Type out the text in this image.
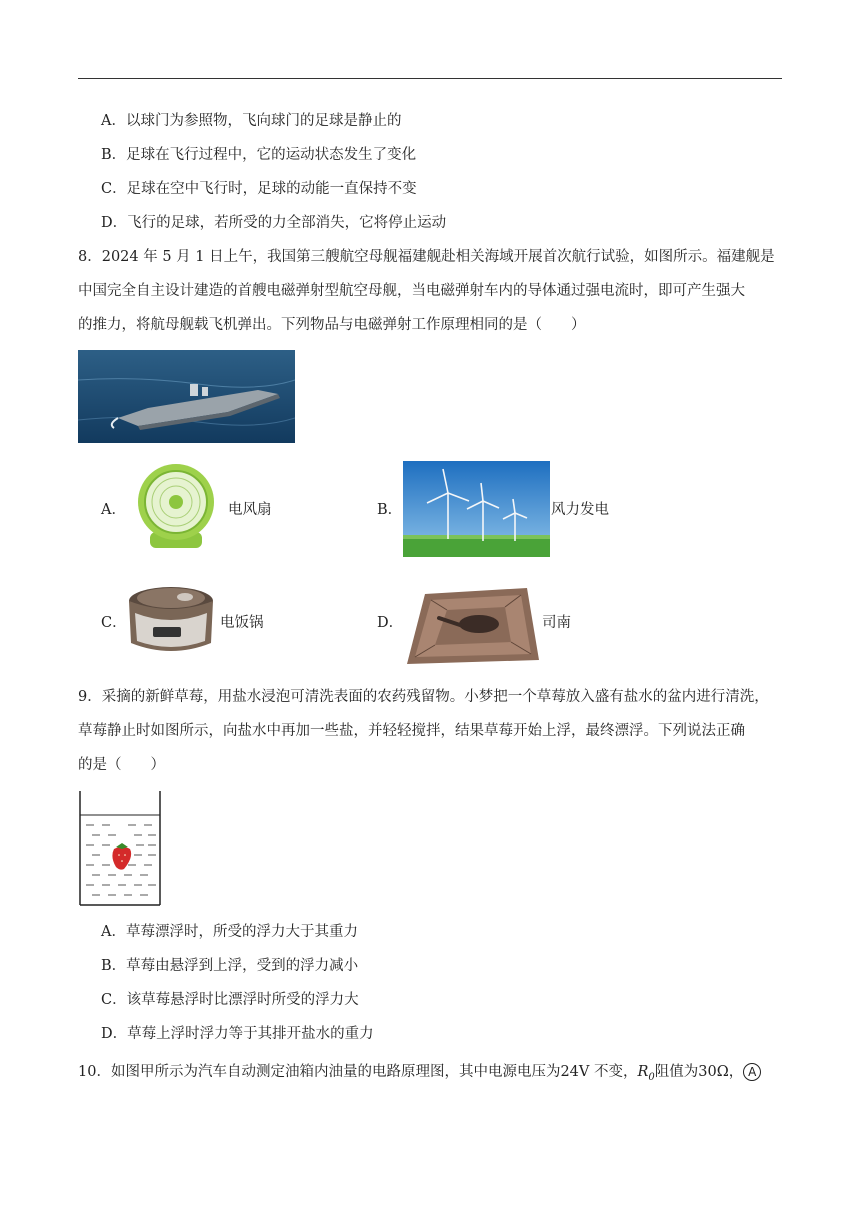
A．以球门为参照物，飞向球门的足球是静止的
B．足球在飞行过程中，它的运动状态发生了变化
C．足球在空中飞行时，足球的动能一直保持不变
D．飞行的足球，若所受的力全部消失，它将停止运动
8．2024 年 5 月 1 日上午，我国第三艘航空母舰福建舰赴相关海域开展首次航行试验，如图所示。福建舰是
中国完全自主设计建造的首艘电磁弹射型航空母舰，当电磁弹射车内的导体通过强电流时，即可产生强大
的推力，将航母舰载飞机弹出。下列物品与电磁弹射工作原理相同的是（　　）
A．	电风扇	B．	风力发电
C．	电饭锅	D．	司南
9．采摘的新鲜草莓，用盐水浸泡可清洗表面的农药残留物。小梦把一个草莓放入盛有盐水的盆内进行清洗，
草莓静止时如图所示，向盐水中再加一些盐，并轻轻搅拌，结果草莓开始上浮，最终漂浮。下列说法正确
的是（　　）
A．草莓漂浮时，所受的浮力大于其重力
B．草莓由悬浮到上浮，受到的浮力减小
C．该草莓悬浮时比漂浮时所受的浮力大
D．草莓上浮时浮力等于其排开盐水的重力
10．如图甲所示为汽车自动测定油箱内油量的电路原理图，其中电源电压为24V 不变，$R_0$阻值为30Ω， A
